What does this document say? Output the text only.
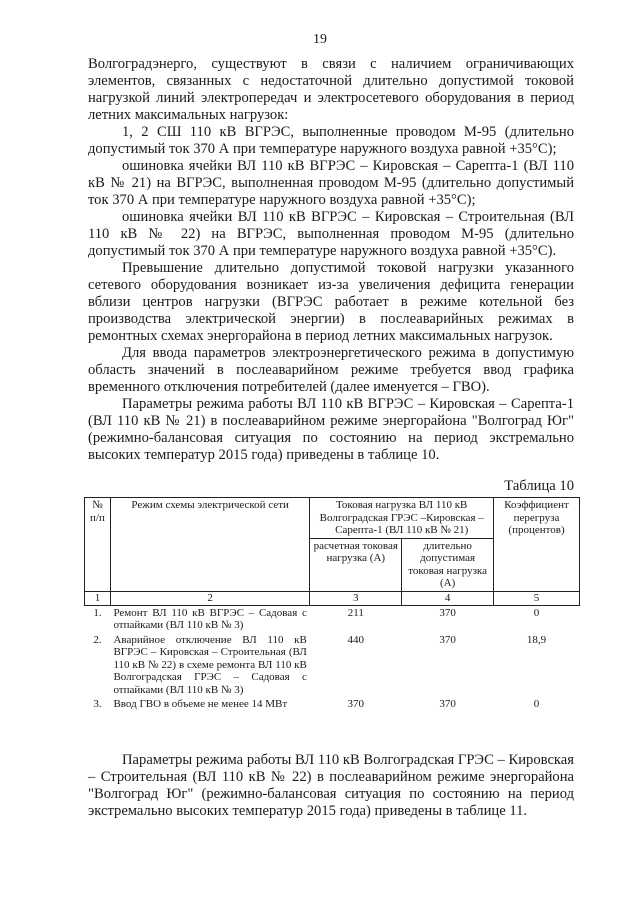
19

Волгоградэнерго, существуют в связи с наличием ограничивающих элементов, связанных с недостаточной длительно допустимой токовой нагрузкой линий электропередач и электросетевого оборудования в период летних максимальных нагрузок:

1, 2 СШ 110 кВ ВГРЭС, выполненные проводом М-95 (длительно допустимый ток 370 А при температуре наружного воздуха равной +35°С);

ошиновка ячейки ВЛ 110 кВ ВГРЭС – Кировская – Сарепта-1 (ВЛ 110 кВ № 21) на ВГРЭС, выполненная проводом М-95 (длительно допустимый ток 370 А при температуре наружного воздуха равной +35°С);

ошиновка ячейки ВЛ 110 кВ ВГРЭС – Кировская – Строительная (ВЛ 110 кВ № 22) на ВГРЭС, выполненная проводом М-95 (длительно допустимый ток 370 А при температуре наружного воздуха равной +35°С).

Превышение длительно допустимой токовой нагрузки указанного сетевого оборудования возникает из-за увеличения дефицита генерации вблизи центров нагрузки (ВГРЭС работает в режиме котельной без производства электрической энергии) в послеаварийных режимах в ремонтных схемах энергорайона в период летних максимальных нагрузок.

Для ввода параметров электроэнергетического режима в допустимую область значений в послеаварийном режиме требуется ввод графика временного отключения потребителей (далее именуется – ГВО).

Параметры режима работы ВЛ 110 кВ ВГРЭС – Кировская – Сарепта-1 (ВЛ 110 кВ № 21) в послеаварийном режиме энергорайона "Волгоград Юг" (режимно-балансовая ситуация по состоянию на период экстремально высоких температур 2015 года) приведены в таблице 10.

Таблица 10
№ п/п	Режим схемы электрической сети	Токовая нагрузка ВЛ 110 кВ Волгоградская ГРЭС –Кировская – Сарепта-1 (ВЛ 110 кВ № 21)		Коэффициент перегруза (процентов)
		расчетная токовая нагрузка (А)	длительно допустимая токовая нагрузка (А)	
1	2	3	4	5
1.	Ремонт ВЛ 110 кВ ВГРЭС – Садовая с отпайками (ВЛ 110 кВ № 3)	211	370	0
2.	Аварийное отключение ВЛ 110 кВ ВГРЭС – Кировская – Строительная (ВЛ 110 кВ № 22) в схеме ремонта ВЛ 110 кВ Волгоградская ГРЭС – Садовая с отпайками (ВЛ 110 кВ № 3)	440	370	18,9
3.	Ввод ГВО в объеме не менее 14 МВт	370	370	0

Параметры режима работы ВЛ 110 кВ Волгоградская ГРЭС – Кировская – Строительная (ВЛ 110 кВ № 22) в послеаварийном режиме энергорайона "Волгоград Юг" (режимно-балансовая ситуация по состоянию на период экстремально высоких температур 2015 года) приведены в таблице 11.
